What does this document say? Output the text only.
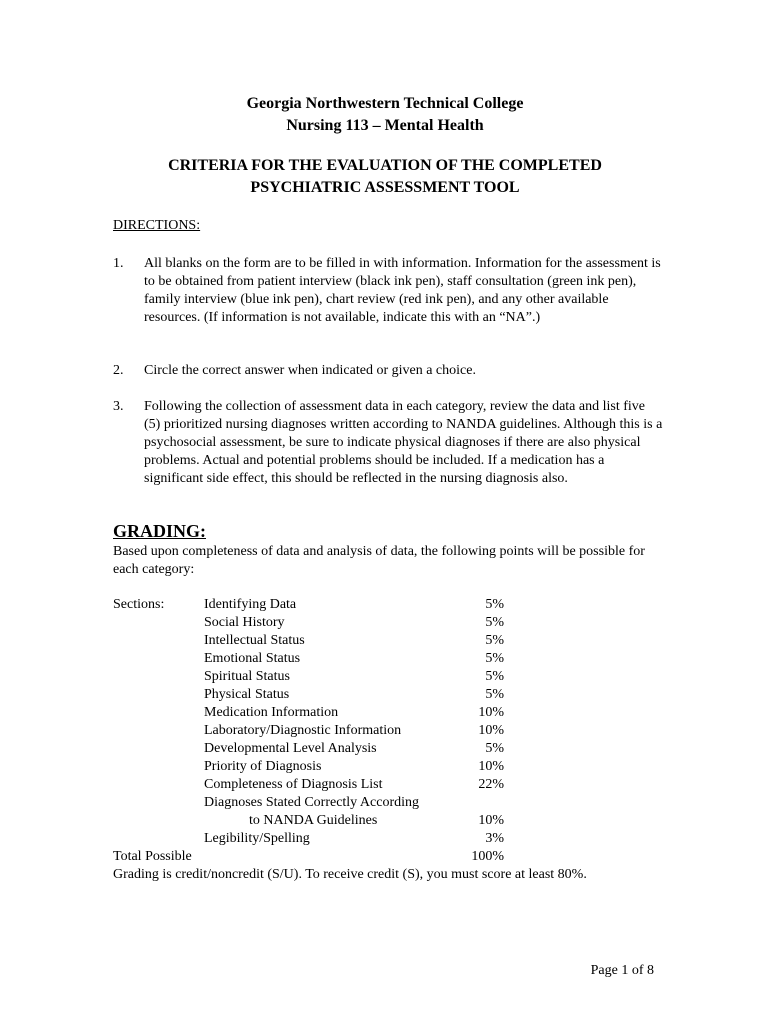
Georgia Northwestern Technical College
Nursing 113 – Mental Health
CRITERIA FOR THE EVALUATION OF THE COMPLETED
PSYCHIATRIC ASSESSMENT TOOL
DIRECTIONS:
1. All blanks on the form are to be filled in with information. Information for the assessment is to be obtained from patient interview (black ink pen), staff consultation (green ink pen), family interview (blue ink pen), chart review (red ink pen), and any other available resources. (If information is not available, indicate this with an “NA”.)
2. Circle the correct answer when indicated or given a choice.
3. Following the collection of assessment data in each category, review the data and list five (5) prioritized nursing diagnoses written according to NANDA guidelines. Although this is a psychosocial assessment, be sure to indicate physical diagnoses if there are also physical problems. Actual and potential problems should be included. If a medication has a significant side effect, this should be reflected in the nursing diagnosis also.
GRADING:
Based upon completeness of data and analysis of data, the following points will be possible for each category:
Sections:	Identifying Data	5%
Social History	5%
Intellectual Status	5%
Emotional Status	5%
Spiritual Status	5%
Physical Status	5%
Medication Information	10%
Laboratory/Diagnostic Information	10%
Developmental Level Analysis	5%
Priority of Diagnosis	10%
Completeness of Diagnosis List	22%
Diagnoses Stated Correctly According
to NANDA Guidelines	10%
Legibility/Spelling	3%
Total Possible	100%
Grading is credit/noncredit (S/U). To receive credit (S), you must score at least 80%.
Page 1 of 8
